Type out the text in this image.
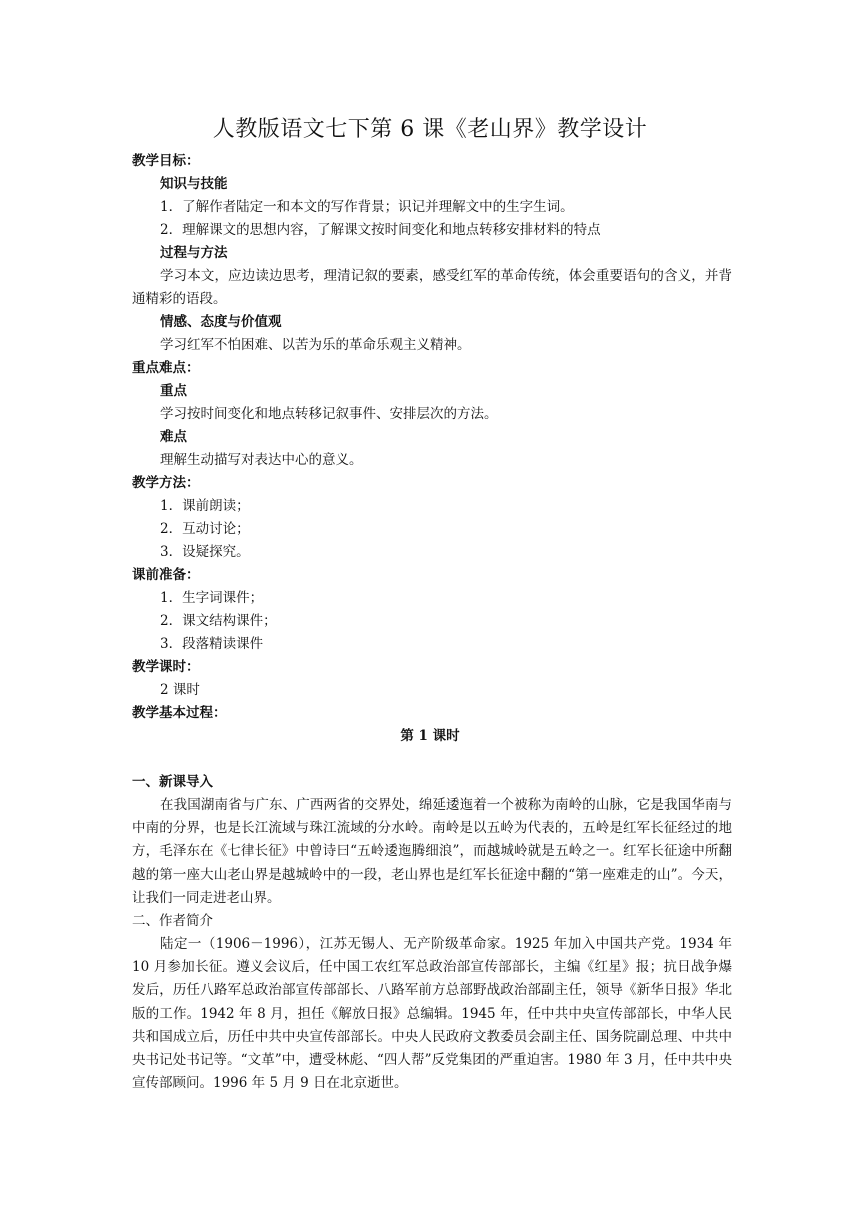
人教版语文七下第 6 课《老山界》教学设计
教学目标：
知识与技能
1．了解作者陆定一和本文的写作背景；识记并理解文中的生字生词。
2．理解课文的思想内容，了解课文按时间变化和地点转移安排材料的特点
过程与方法
学习本文，应边读边思考，理清记叙的要素，感受红军的革命传统，体会重要语句的含义，并背通精彩的语段。
情感、态度与价值观
学习红军不怕困难、以苦为乐的革命乐观主义精神。
重点难点：
重点
学习按时间变化和地点转移记叙事件、安排层次的方法。
难点
理解生动描写对表达中心的意义。
教学方法：
1．课前朗读；
2．互动讨论；
3．设疑探究。
课前准备：
1．生字词课件；
2．课文结构课件；
3．段落精读课件
教学课时：
2 课时
教学基本过程：
第 1 课时
一、新课导入
在我国湖南省与广东、广西两省的交界处，绵延逶迤着一个被称为南岭的山脉，它是我国华南与中南的分界，也是长江流域与珠江流域的分水岭。南岭是以五岭为代表的，五岭是红军长征经过的地方，毛泽东在《七律长征》中曾诗曰“五岭逶迤腾细浪”，而越城岭就是五岭之一。红军长征途中所翻越的第一座大山老山界是越城岭中的一段，老山界也是红军长征途中翻的“第一座难走的山”。今天，让我们一同走进老山界。
二、作者简介
陆定一（1906－1996），江苏无锡人、无产阶级革命家。1925 年加入中国共产党。1934 年 10 月参加长征。遵义会议后，任中国工农红军总政治部宣传部部长，主编《红星》报；抗日战争爆发后，历任八路军总政治部宣传部部长、八路军前方总部野战政治部副主任，领导《新华日报》华北版的工作。1942 年 8 月，担任《解放日报》总编辑。1945 年，任中共中央宣传部部长，中华人民共和国成立后，历任中共中央宣传部部长。中央人民政府文教委员会副主任、国务院副总理、中共中央书记处书记等。“文革”中，遭受林彪、“四人帮”反党集团的严重迫害。1980 年 3 月，任中共中央宣传部顾问。1996 年 5 月 9 日在北京逝世。
